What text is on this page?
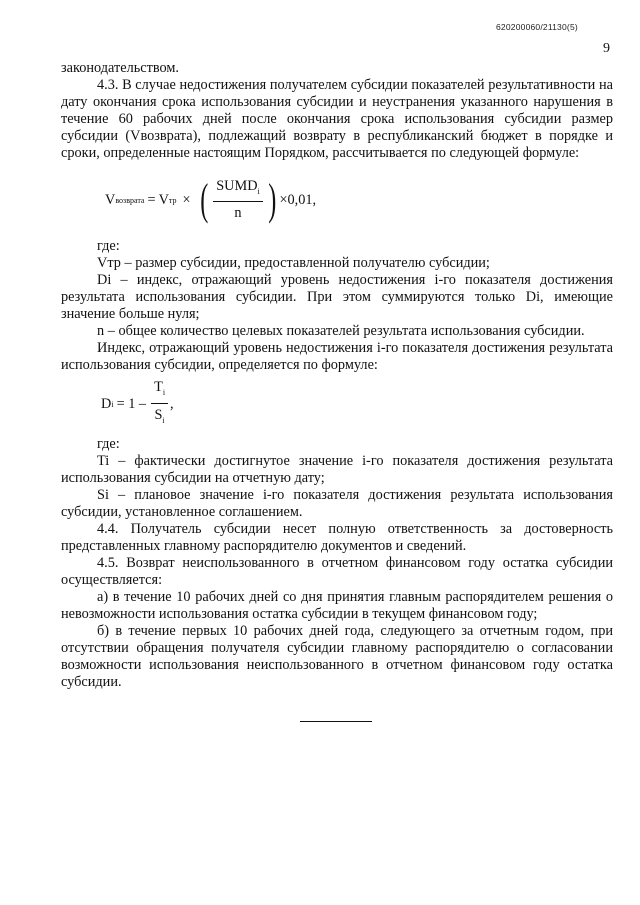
620200060/21130(5)
9

законодательством.

4.3. В случае недостижения получателем субсидии показателей результативности на дату окончания срока использования субсидии и неустранения указанного нарушения в течение 60 рабочих дней после окончания срока использования субсидии размер субсидии (Vвозврата), подлежащий возврату в республиканский бюджет в порядке и сроки, определенные настоящим Порядком, рассчитывается по следующей формуле:

V возврата = V тр × ( $\frac{SUMD_i}{n}$ ) ×0,01,

где:

Vтр – размер субсидии, предоставленной получателю субсидии;

Di – индекс, отражающий уровень недостижения i-го показателя достижения результата использования субсидии. При этом суммируются только Di, имеющие значение больше нуля;

n – общее количество целевых показателей результата использования субсидии.

Индекс, отражающий уровень недостижения i-го показателя достижения результата использования субсидии, определяется по формуле:

D $i = 1 - \frac{T_i}{S_i}$ ,

где:

Ti – фактически достигнутое значение i-го показателя достижения результата использования субсидии на отчетную дату;

Si – плановое значение i-го показателя достижения результата использования субсидии, установленное соглашением.

4.4. Получатель субсидии несет полную ответственность за достоверность представленных главному распорядителю документов и сведений.

4.5. Возврат неиспользованного в отчетном финансовом году остатка субсидии осуществляется:

а) в течение 10 рабочих дней со дня принятия главным распорядителем решения о невозможности использования остатка субсидии в текущем финансовом году;

б) в течение первых 10 рабочих дней года, следующего за отчетным годом, при отсутствии обращения получателя субсидии главному распорядителю о согласовании возможности использования неиспользованного в отчетном финансовом году остатка субсидии.
